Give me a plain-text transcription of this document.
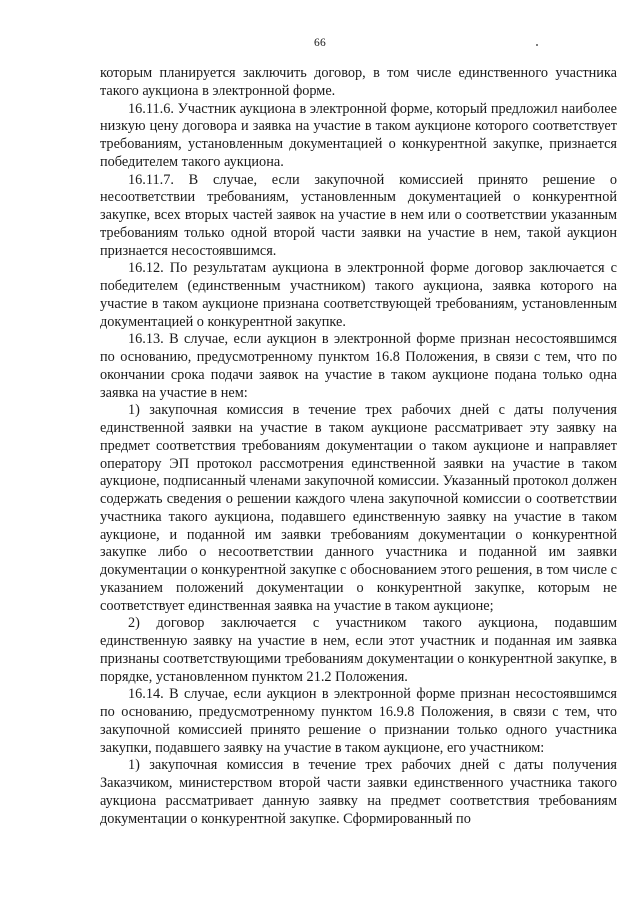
66

которым планируется заключить договор, в том числе единственного участника такого аукциона в электронной форме.

16.11.6. Участник аукциона в электронной форме, который предложил наиболее низкую цену договора и заявка на участие в таком аукционе которого соответствует требованиям, установленным документацией о конкурентной закупке, признается победителем такого аукциона.

16.11.7. В случае, если закупочной комиссией принято решение о несоответствии требованиям, установленным документацией о конкурентной закупке, всех вторых частей заявок на участие в нем или о соответствии указанным требованиям только одной второй части заявки на участие в нем, такой аукцион признается несостоявшимся.

16.12. По результатам аукциона в электронной форме договор заключается с победителем (единственным участником) такого аукциона, заявка которого на участие в таком аукционе признана соответствующей требованиям, установленным документацией о конкурентной закупке.

16.13. В случае, если аукцион в электронной форме признан несостоявшимся по основанию, предусмотренному пунктом 16.8 Положения, в связи с тем, что по окончании срока подачи заявок на участие в таком аукционе подана только одна заявка на участие в нем:

1) закупочная комиссия в течение трех рабочих дней с даты получения единственной заявки на участие в таком аукционе рассматривает эту заявку на предмет соответствия требованиям документации о таком аукционе и направляет оператору ЭП протокол рассмотрения единственной заявки на участие в таком аукционе, подписанный членами закупочной комиссии. Указанный протокол должен содержать сведения о решении каждого члена закупочной комиссии о соответствии участника такого аукциона, подавшего единственную заявку на участие в таком аукционе, и поданной им заявки требованиям документации о конкурентной закупке либо о несоответствии данного участника и поданной им заявки документации о конкурентной закупке с обоснованием этого решения, в том числе с указанием положений документации о конкурентной закупке, которым не соответствует единственная заявка на участие в таком аукционе;

2) договор заключается с участником такого аукциона, подавшим единственную заявку на участие в нем, если этот участник и поданная им заявка признаны соответствующими требованиям документации о конкурентной закупке, в порядке, установленном пунктом 21.2 Положения.

16.14. В случае, если аукцион в электронной форме признан несостоявшимся по основанию, предусмотренному пунктом 16.9.8 Положения, в связи с тем, что закупочной комиссией принято решение о признании только одного участника закупки, подавшего заявку на участие в таком аукционе, его участником:

1) закупочная комиссия в течение трех рабочих дней с даты получения Заказчиком, министерством второй части заявки единственного участника такого аукциона рассматривает данную заявку на предмет соответствия требованиям документации о конкурентной закупке. Сформированный по
